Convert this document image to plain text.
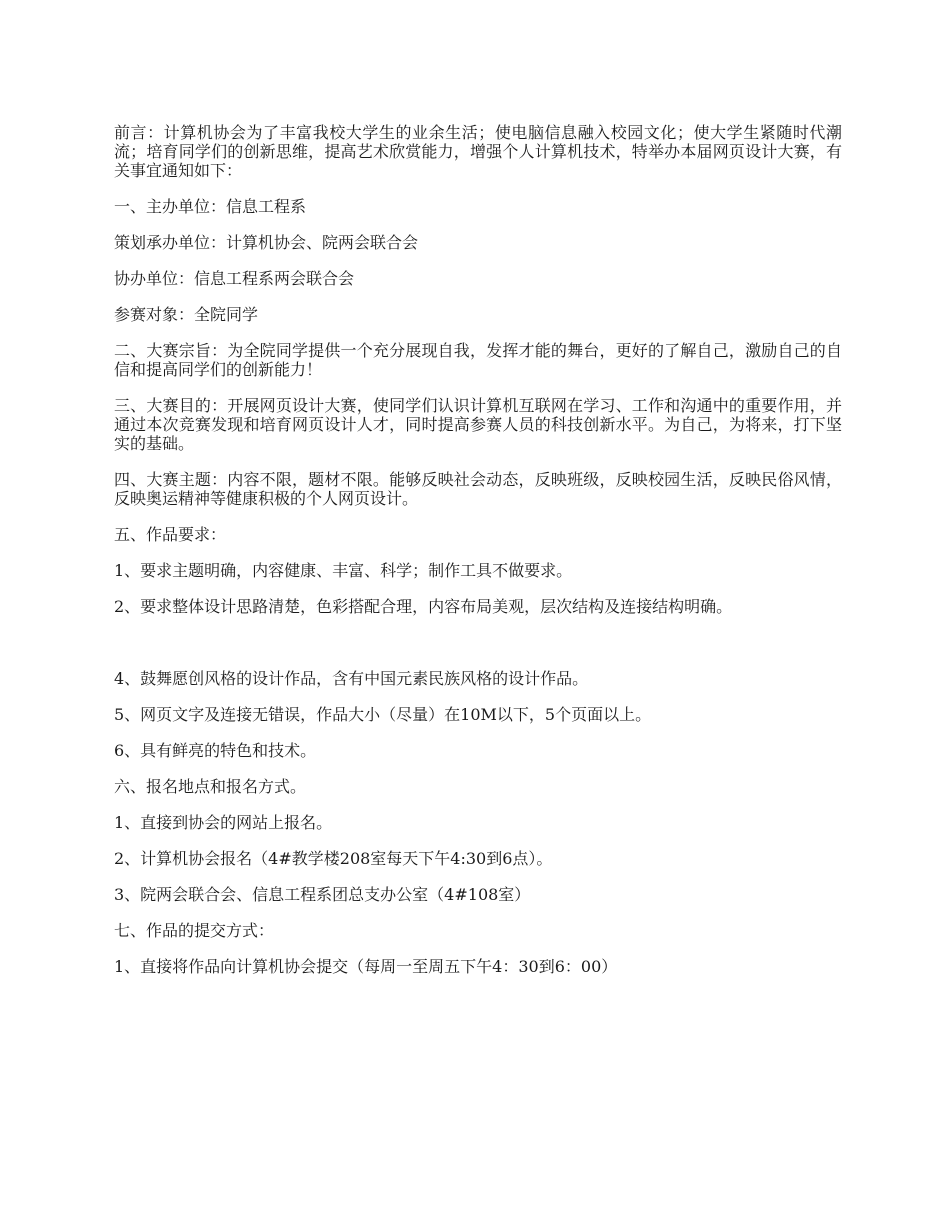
前言：计算机协会为了丰富我校大学生的业余生活；使电脑信息融入校园文化；使大学生紧随时代潮流；培育同学们的创新思维，提高艺术欣赏能力，增强个人计算机技术，特举办本届网页设计大赛，有关事宜通知如下：

一、主办单位：信息工程系

策划承办单位：计算机协会、院两会联合会

协办单位：信息工程系两会联合会

参赛对象：全院同学

二、大赛宗旨：为全院同学提供一个充分展现自我，发挥才能的舞台，更好的了解自己，激励自己的自信和提高同学们的创新能力！

三、大赛目的：开展网页设计大赛，使同学们认识计算机互联网在学习、工作和沟通中的重要作用，并通过本次竞赛发现和培育网页设计人才，同时提高参赛人员的科技创新水平。为自己，为将来，打下坚实的基础。

四、大赛主题：内容不限，题材不限。能够反映社会动态，反映班级，反映校园生活，反映民俗风情，反映奥运精神等健康积极的个人网页设计。

五、作品要求：

1、要求主题明确，内容健康、丰富、科学；制作工具不做要求。

2、要求整体设计思路清楚，色彩搭配合理，内容布局美观，层次结构及连接结构明确。

4、鼓舞愿创风格的设计作品，含有中国元素民族风格的设计作品。

5、网页文字及连接无错误，作品大小（尽量）在10M以下，5个页面以上。

6、具有鲜亮的特色和技术。

六、报名地点和报名方式。

1、直接到协会的网站上报名。

2、计算机协会报名（4#教学楼208室每天下午4:30到6点）。

3、院两会联合会、信息工程系团总支办公室（4#108室）

七、作品的提交方式：

1、直接将作品向计算机协会提交（每周一至周五下午4：30到6：00）
